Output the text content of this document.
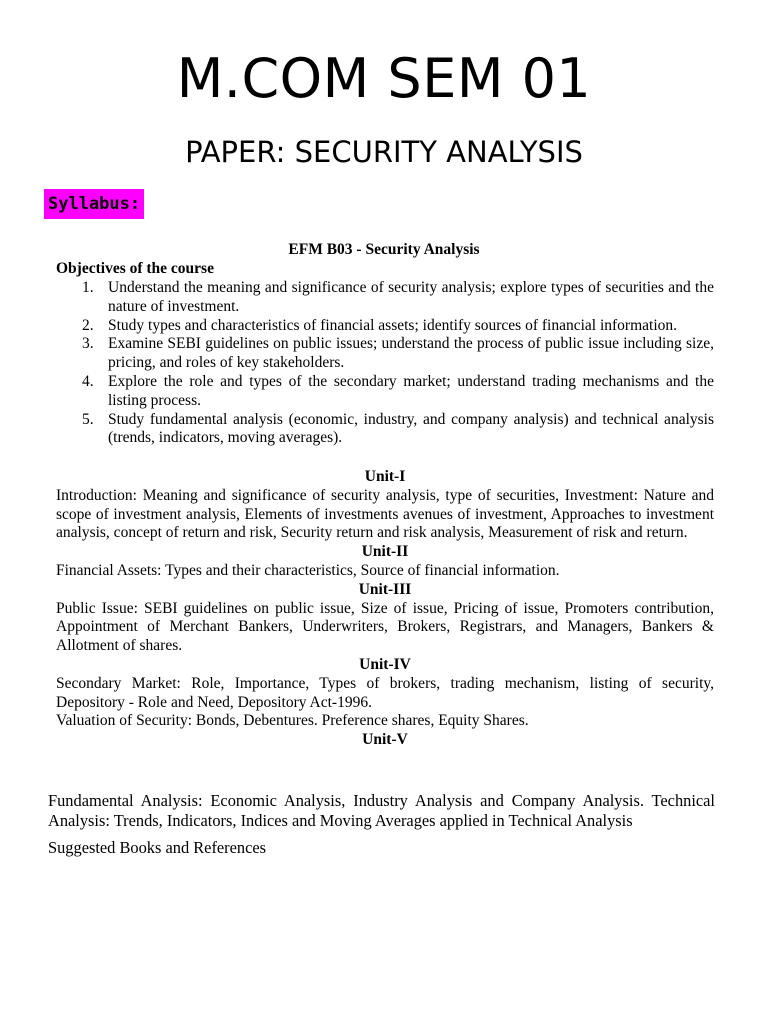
M.COM SEM 01
PAPER: SECURITY ANALYSIS
Syllabus:
EFM B03 - Security Analysis
Objectives of the course
1. Understand the meaning and significance of security analysis; explore types of securities and the nature of investment.
2. Study types and characteristics of financial assets; identify sources of financial information.
3. Examine SEBI guidelines on public issues; understand the process of public issue including size, pricing, and roles of key stakeholders.
4. Explore the role and types of the secondary market; understand trading mechanisms and the listing process.
5. Study fundamental analysis (economic, industry, and company analysis) and technical analysis (trends, indicators, moving averages).
Unit-I
Introduction: Meaning and significance of security analysis, type of securities, Investment: Nature and scope of investment analysis, Elements of investments avenues of investment, Approaches to investment analysis, concept of return and risk, Security return and risk analysis, Measurement of risk and return.
Unit-II
Financial Assets: Types and their characteristics, Source of financial information.
Unit-III
Public Issue: SEBI guidelines on public issue, Size of issue, Pricing of issue, Promoters contribution, Appointment of Merchant Bankers, Underwriters, Brokers, Registrars, and Managers, Bankers & Allotment of shares.
Unit-IV
Secondary Market: Role, Importance, Types of brokers, trading mechanism, listing of security, Depository - Role and Need, Depository Act-1996.
Valuation of Security: Bonds, Debentures. Preference shares, Equity Shares.
Unit-V
Fundamental Analysis: Economic Analysis, Industry Analysis and Company Analysis. Technical Analysis: Trends, Indicators, Indices and Moving Averages applied in Technical Analysis
Suggested Books and References
